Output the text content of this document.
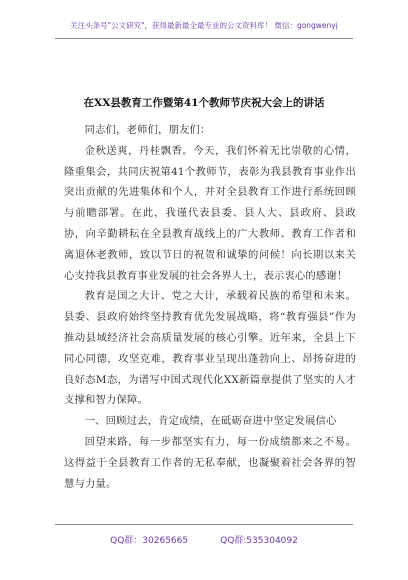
关注头条号"公文研究"，获得最新最全最专业的公文资料库！ 微信：gongwenyj
在XX县教育工作暨第41个教师节庆祝大会上的讲话

同志们，老师们，朋友们：

金秋送爽，丹桂飘香。今天，我们怀着无比崇敬的心情，隆重集会，共同庆祝第41个教师节，表彰为我县教育事业作出突出贡献的先进集体和个人，并对全县教育工作进行系统回顾与前瞻部署。在此，我谨代表县委、县人大、县政府、县政协，向辛勤耕耘在全县教育战线上的广大教师、教育工作者和离退休老教师，致以节日的祝贺和诚挚的问候！向长期以来关心支持我县教育事业发展的社会各界人士，表示衷心的感谢！

教育是国之大计、党之大计，承载着民族的希望和未来。县委、县政府始终坚持教育优先发展战略，将“教育强县”作为推动县域经济社会高质量发展的核心引擎。近年来，全县上下同心同德，攻坚克难，教育事业呈现出蓬勃向上、昂扬奋进的良好态M态，为谱写中国式现代化XX新篇章提供了坚实的人才支撑和智力保障。

一、回顾过去，肯定成绩，在砥砺奋进中坚定发展信心

回望来路，每一步都坚实有力，每一份成绩都来之不易。这得益于全县教育工作者的无私奉献，也凝聚着社会各界的智慧与力量。

QQ群：30265665	QQ群:535304092
